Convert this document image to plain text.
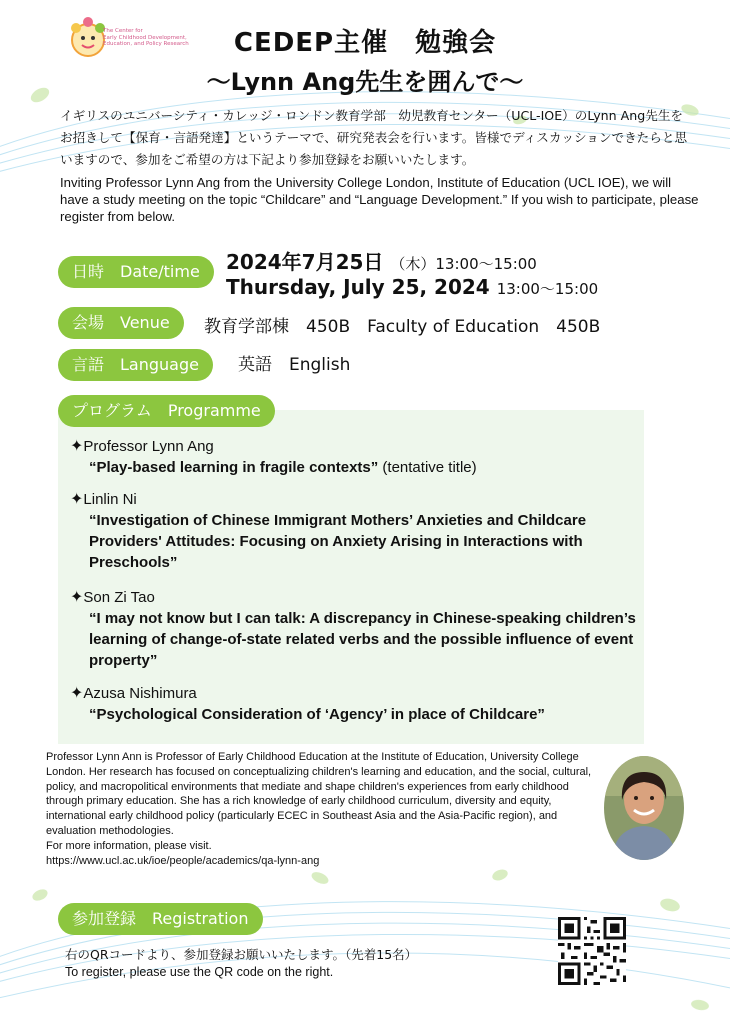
The Center for
Early Childhood Development,
Education, and Policy Research	CEDEP主催　勉強会
〜Lynn Ang先生を囲んで〜
イギリスのユニバーシティ・カレッジ・ロンドン教育学部　幼児教育センター（UCL-IOE）のLynn Ang先生をお招きして【保育・言語発達】というテーマで、研究発表会を行います。皆様でディスカッションできたらと思いますので、参加をご希望の方は下記より参加登録をお願いいたします。
Inviting Professor Lynn Ang from the University College London, Institute of Education (UCL IOE), we will have a study meeting on the topic “Childcare” and “Language Development.” If you wish to participate, please register from below.
日時　Date/time	2024年7月25日 （木）13:00〜15:00
Thursday, July 25, 2024 13:00〜15:00
会場　Venue	教育学部棟　450B　Faculty of Education　450B
言語　Language	英語　English
プログラム　Programme
✦Professor Lynn Ang
“Play-based learning in fragile contexts” (tentative title)
✦Linlin Ni
“Investigation of Chinese Immigrant Mothers’ Anxieties and Childcare Providers' Attitudes: Focusing on Anxiety Arising in Interactions with Preschools”
✦Son Zi Tao
“I may not know but I can talk: A discrepancy in Chinese-speaking children’s learning of change-of-state related verbs and the possible influence of event property”
✦Azusa Nishimura
“Psychological Consideration of ‘Agency’ in place of Childcare”
Professor Lynn Ann is Professor of Early Childhood Education at the Institute of Education, University College London. Her research has focused on conceptualizing children's learning and education, and the social, cultural, policy, and macropolitical environments that mediate and shape children's experiences from early childhood through primary education. She has a rich knowledge of early childhood curriculum, diversity and equity, international early childhood policy (particularly ECEC in Southeast Asia and the Asia-Pacific region), and evaluation methodologies.
For more information, please visit.
https://www.ucl.ac.uk/ioe/people/academics/qa-lynn-ang
参加登録　Registration
右のQRコードより、参加登録お願いいたします。（先着15名）
To register, please use the QR code on the right.
